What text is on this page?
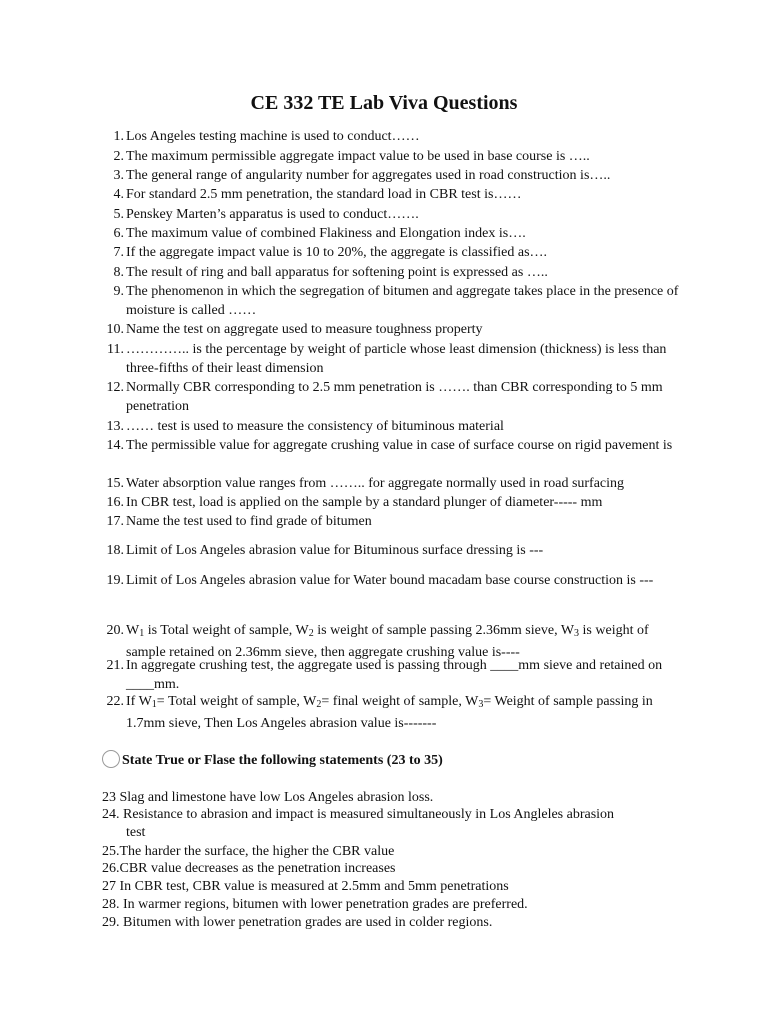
CE 332 TE Lab Viva Questions
1. Los Angeles testing machine is used to conduct……
2. The maximum permissible aggregate impact value to be used in base course is …..
3. The general range of angularity number for aggregates used in road construction is…..
4. For standard 2.5 mm penetration, the standard load in CBR test is……
5. Penskey Marten’s apparatus is used to conduct…….
6. The maximum value of combined Flakiness and Elongation index is….
7. If the aggregate impact value is 10 to 20%, the aggregate is classified as….
8. The result of ring and ball apparatus for softening point is expressed as …..
9. The phenomenon in which the segregation of bitumen and aggregate takes place in the presence of moisture is called ……
10. Name the test on aggregate used to measure toughness property
11. ………….. is the percentage by weight of particle whose least dimension (thickness) is less than three-fifths of their least dimension
12. Normally CBR corresponding to 2.5 mm penetration is ……. than CBR corresponding to 5 mm penetration
13. …… test is used to measure the consistency of bituminous material
14. The permissible value for aggregate crushing value in case of surface course on rigid pavement is
15. Water absorption value ranges from …….. for aggregate normally used in road surfacing
16. In CBR test, load is applied on the sample by a standard plunger of diameter----- mm
17. Name the test used to find grade of bitumen
18. Limit of Los Angeles abrasion value for Bituminous surface dressing is ---
19. Limit of Los Angeles abrasion value for Water bound macadam base course construction is ---
20. $W_1$ is Total weight of sample, $W_2$ is weight of sample passing 2.36mm sieve, $W_3$ is weight of sample retained on 2.36mm sieve, then aggregate crushing value is----
21. In aggregate crushing test, the aggregate used is passing through ____mm sieve and retained on ____mm.
22. If $W_1=$ Total weight of sample, $W_2=$ final weight of sample, $W_3=$ Weight of sample passing in 1.7mm sieve, Then Los Angeles abrasion value is-------
State True or Flase the following statements (23 to 35)
23 Slag and limestone have low Los Angeles abrasion loss.
24. Resistance to abrasion and impact is measured simultaneously in Los Angleles abrasion
test
25.The harder the surface, the higher the CBR value
26.CBR value decreases as the penetration increases
27 In CBR test, CBR value is measured at 2.5mm and 5mm penetrations
28. In warmer regions, bitumen with lower penetration grades are preferred.
29. Bitumen with lower penetration grades are used in colder regions.
